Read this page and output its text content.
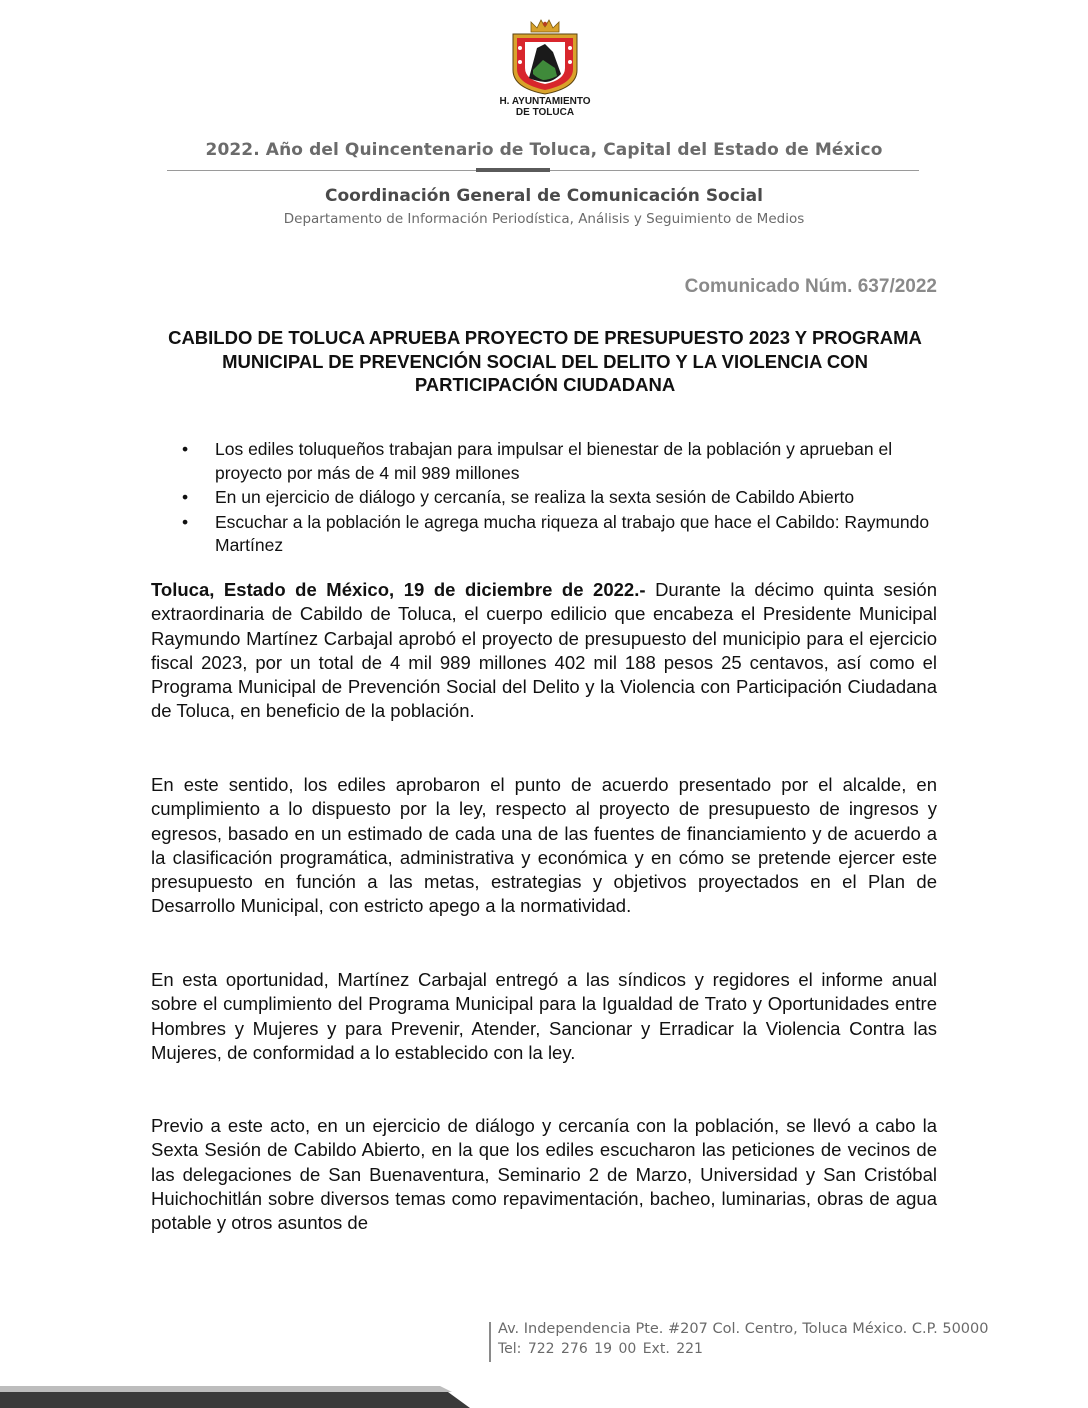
H. AYUNTAMIENTO
DE TOLUCA
2022. Año del Quincentenario de Toluca, Capital del Estado de México
Coordinación General de Comunicación Social
Departamento de Información Periodística, Análisis y Seguimiento de Medios
Comunicado Núm. 637/2022
CABILDO DE TOLUCA APRUEBA PROYECTO DE PRESUPUESTO 2023 Y PROGRAMA MUNICIPAL DE PREVENCIÓN SOCIAL DEL DELITO Y LA VIOLENCIA CON PARTICIPACIÓN CIUDADANA
• Los ediles toluqueños trabajan para impulsar el bienestar de la población y aprueban el proyecto por más de 4 mil 989 millones
• En un ejercicio de diálogo y cercanía, se realiza la sexta sesión de Cabildo Abierto
• Escuchar a la población le agrega mucha riqueza al trabajo que hace el Cabildo: Raymundo Martínez

Toluca, Estado de México, 19 de diciembre de 2022.- Durante la décimo quinta sesión extraordinaria de Cabildo de Toluca, el cuerpo edilicio que encabeza el Presidente Municipal Raymundo Martínez Carbajal aprobó el proyecto de presupuesto del municipio para el ejercicio fiscal 2023, por un total de 4 mil 989 millones 402 mil 188 pesos 25 centavos, así como el Programa Municipal de Prevención Social del Delito y la Violencia con Participación Ciudadana de Toluca, en beneficio de la población.

En este sentido, los ediles aprobaron el punto de acuerdo presentado por el alcalde, en cumplimiento a lo dispuesto por la ley, respecto al proyecto de presupuesto de ingresos y egresos, basado en un estimado de cada una de las fuentes de financiamiento y de acuerdo a la clasificación programática, administrativa y económica y en cómo se pretende ejercer este presupuesto en función a las metas, estrategias y objetivos proyectados en el Plan de Desarrollo Municipal, con estricto apego a la normatividad.

En esta oportunidad, Martínez Carbajal entregó a las síndicos y regidores el informe anual sobre el cumplimiento del Programa Municipal para la Igualdad de Trato y Oportunidades entre Hombres y Mujeres y para Prevenir, Atender, Sancionar y Erradicar la Violencia Contra las Mujeres, de conformidad a lo establecido con la ley.

Previo a este acto, en un ejercicio de diálogo y cercanía con la población, se llevó a cabo la Sexta Sesión de Cabildo Abierto, en la que los ediles escucharon las peticiones de vecinos de las delegaciones de San Buenaventura, Seminario 2 de Marzo, Universidad y San Cristóbal Huichochitlán sobre diversos temas como repavimentación, bacheo, luminarias, obras de agua potable y otros asuntos de

Av. Independencia Pte. #207 Col. Centro, Toluca México. C.P. 50000
Tel: 722 276 19 00 Ext. 221
